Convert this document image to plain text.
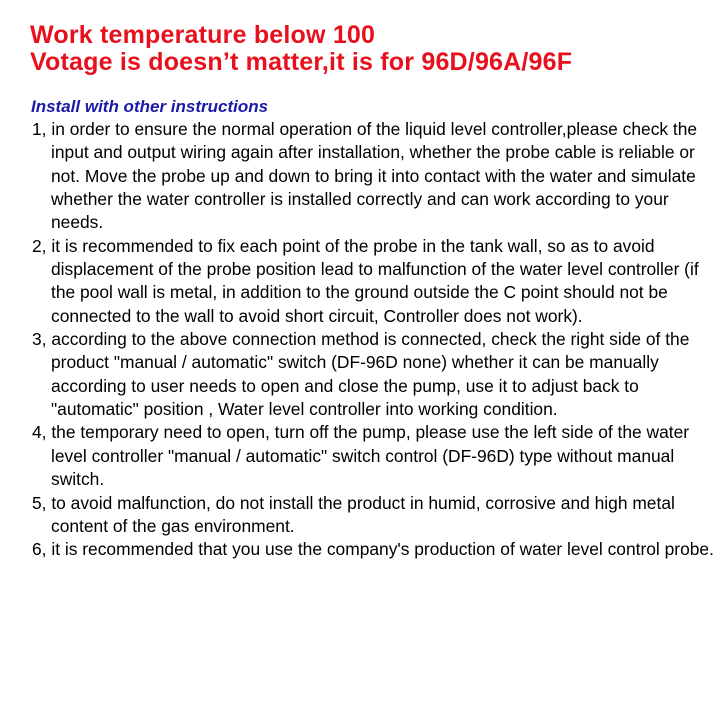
Work temperature below 100
Votage is doesn’t matter,it is for 96D/96A/96F
Install with other instructions
1, in order to ensure the normal operation of the liquid level controller,please check the input and output wiring again after installation, whether the probe cable is reliable or not. Move the probe up and down to bring it into contact with the water and simulate whether the water controller is installed correctly and can work according to your needs.
2, it is recommended to fix each point of the probe in the tank wall, so as to avoid displacement of the probe position lead to malfunction of the water level controller (if the pool wall is metal, in addition to the ground outside the C point should not be connected to the wall to avoid short circuit, Controller does not work).
3, according to the above connection method is connected, check the right side of the product "manual / automatic" switch (DF-96D none) whether it can be manually according to user needs to open and close the pump, use it to adjust back to "automatic" position , Water level controller into working condition.
4, the temporary need to open, turn off the pump, please use the left side of the water level controller "manual / automatic" switch control (DF-96D) type without manual switch.
5, to avoid malfunction, do not install the product in humid, corrosive and high metal content of the gas environment.
6, it is recommended that you use the company's production of water level control probe.
